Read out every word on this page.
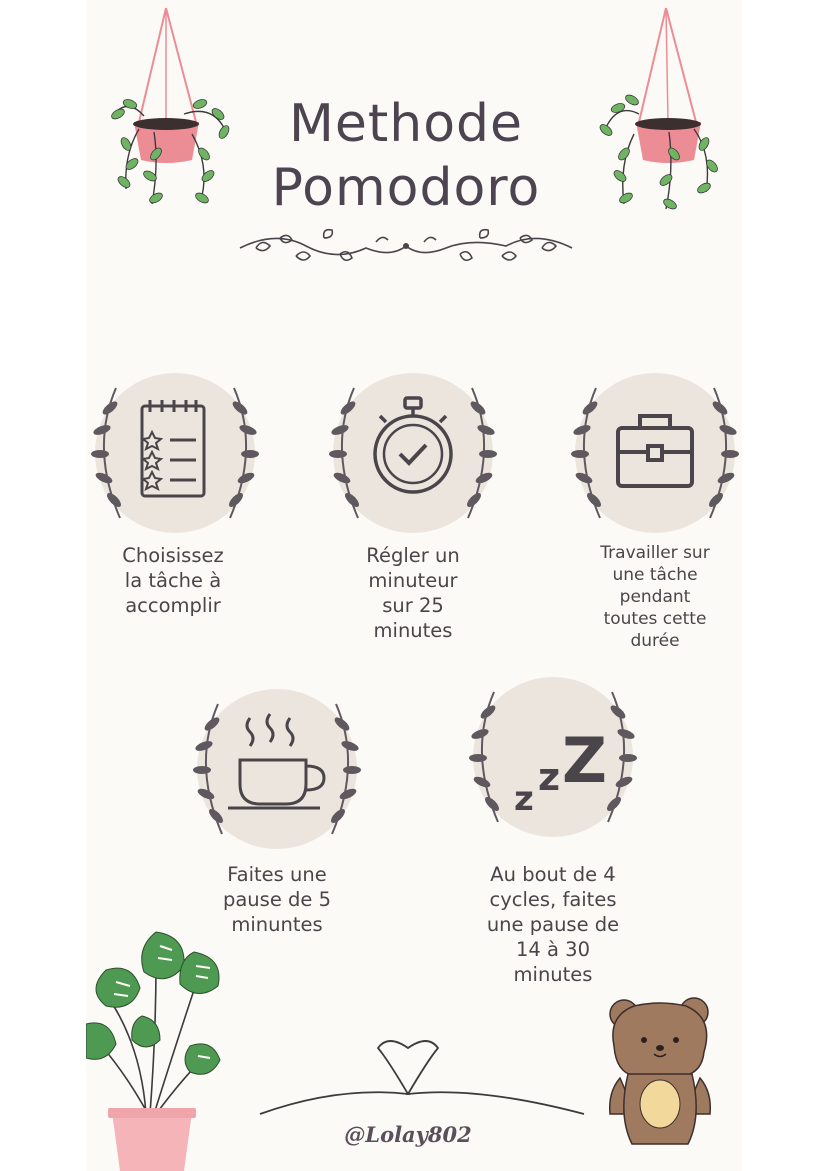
Methode
Pomodoro

Choisissez
la tâche à
accomplir

Régler un
minuteur
sur 25
minutes

Travailler sur
une tâche
pendant
toutes cette
durée

Faites une
pause de 5
minuntes

z z Z

Au bout de 4
cycles, faites
une pause de
14 à 30
minutes

@Lolay802
